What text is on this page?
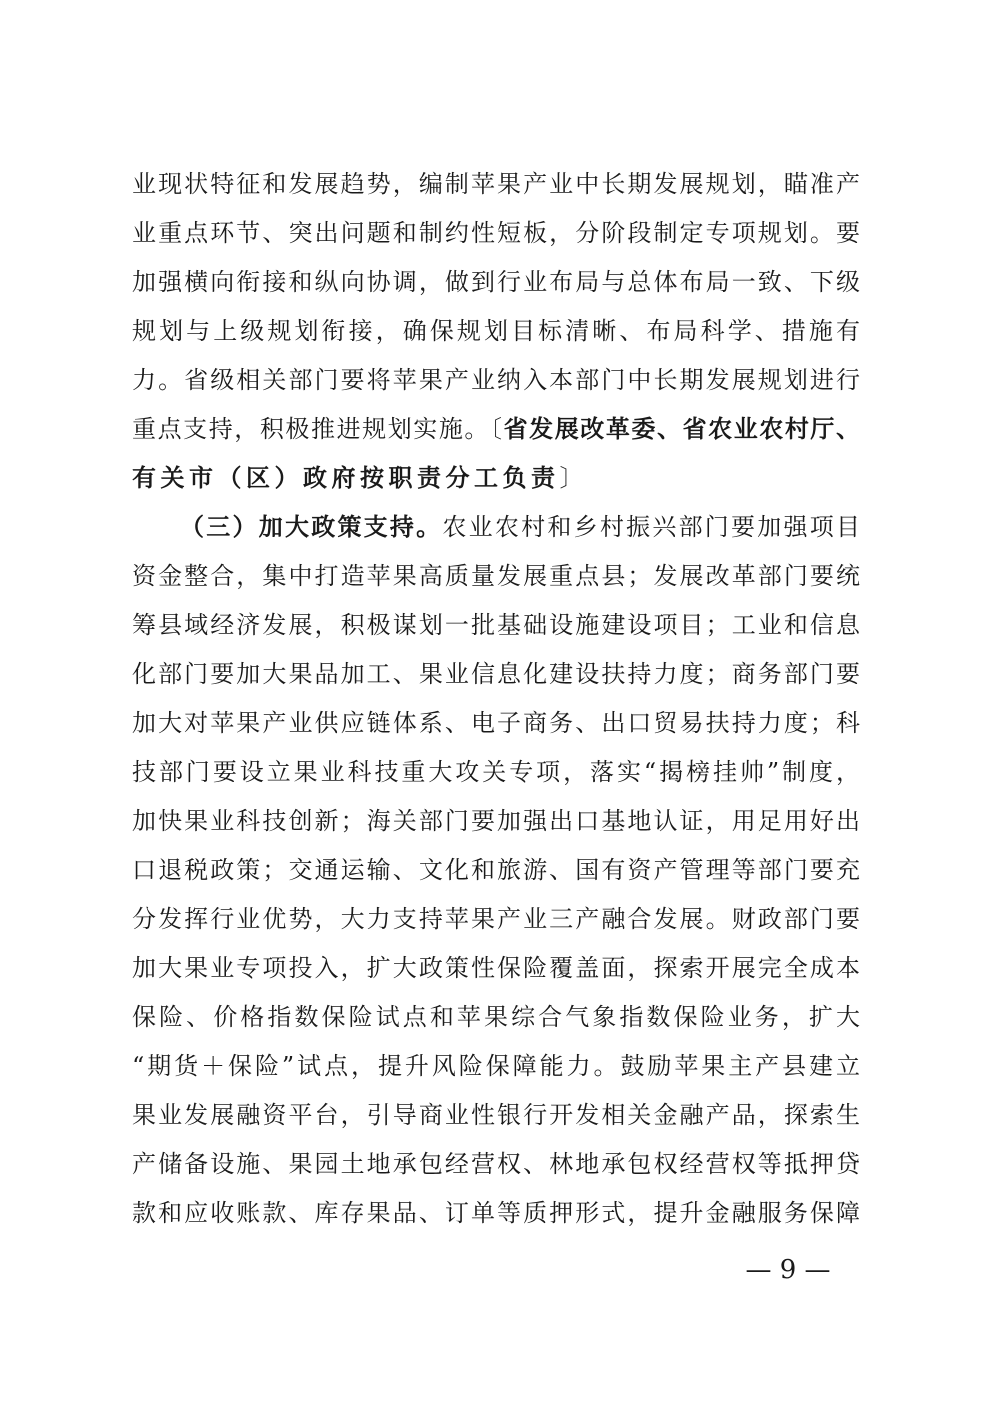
业现状特征和发展趋势，编制苹果产业中长期发展规划，瞄准产
业重点环节、突出问题和制约性短板，分阶段制定专项规划。要
加强横向衔接和纵向协调，做到行业布局与总体布局一致、下级
规划与上级规划衔接，确保规划目标清晰、布局科学、措施有
力。省级相关部门要将苹果产业纳入本部门中长期发展规划进行
重点支持，积极推进规划实施。〔省发展改革委、省农业农村厅、
有关市（区）政府按职责分工负责〕
（三）加大政策支持。农业农村和乡村振兴部门要加强项目
资金整合，集中打造苹果高质量发展重点县；发展改革部门要统
筹县域经济发展，积极谋划一批基础设施建设项目；工业和信息
化部门要加大果品加工、果业信息化建设扶持力度；商务部门要
加大对苹果产业供应链体系、电子商务、出口贸易扶持力度；科
技部门要设立果业科技重大攻关专项，落实“揭榜挂帅”制度，
加快果业科技创新；海关部门要加强出口基地认证，用足用好出
口退税政策；交通运输、文化和旅游、国有资产管理等部门要充
分发挥行业优势，大力支持苹果产业三产融合发展。财政部门要
加大果业专项投入，扩大政策性保险覆盖面，探索开展完全成本
保险、价格指数保险试点和苹果综合气象指数保险业务，扩大
“期货＋保险”试点，提升风险保障能力。鼓励苹果主产县建立
果业发展融资平台，引导商业性银行开发相关金融产品，探索生
产储备设施、果园土地承包经营权、林地承包权经营权等抵押贷
款和应收账款、库存果品、订单等质押形式，提升金融服务保障
— 9 —
